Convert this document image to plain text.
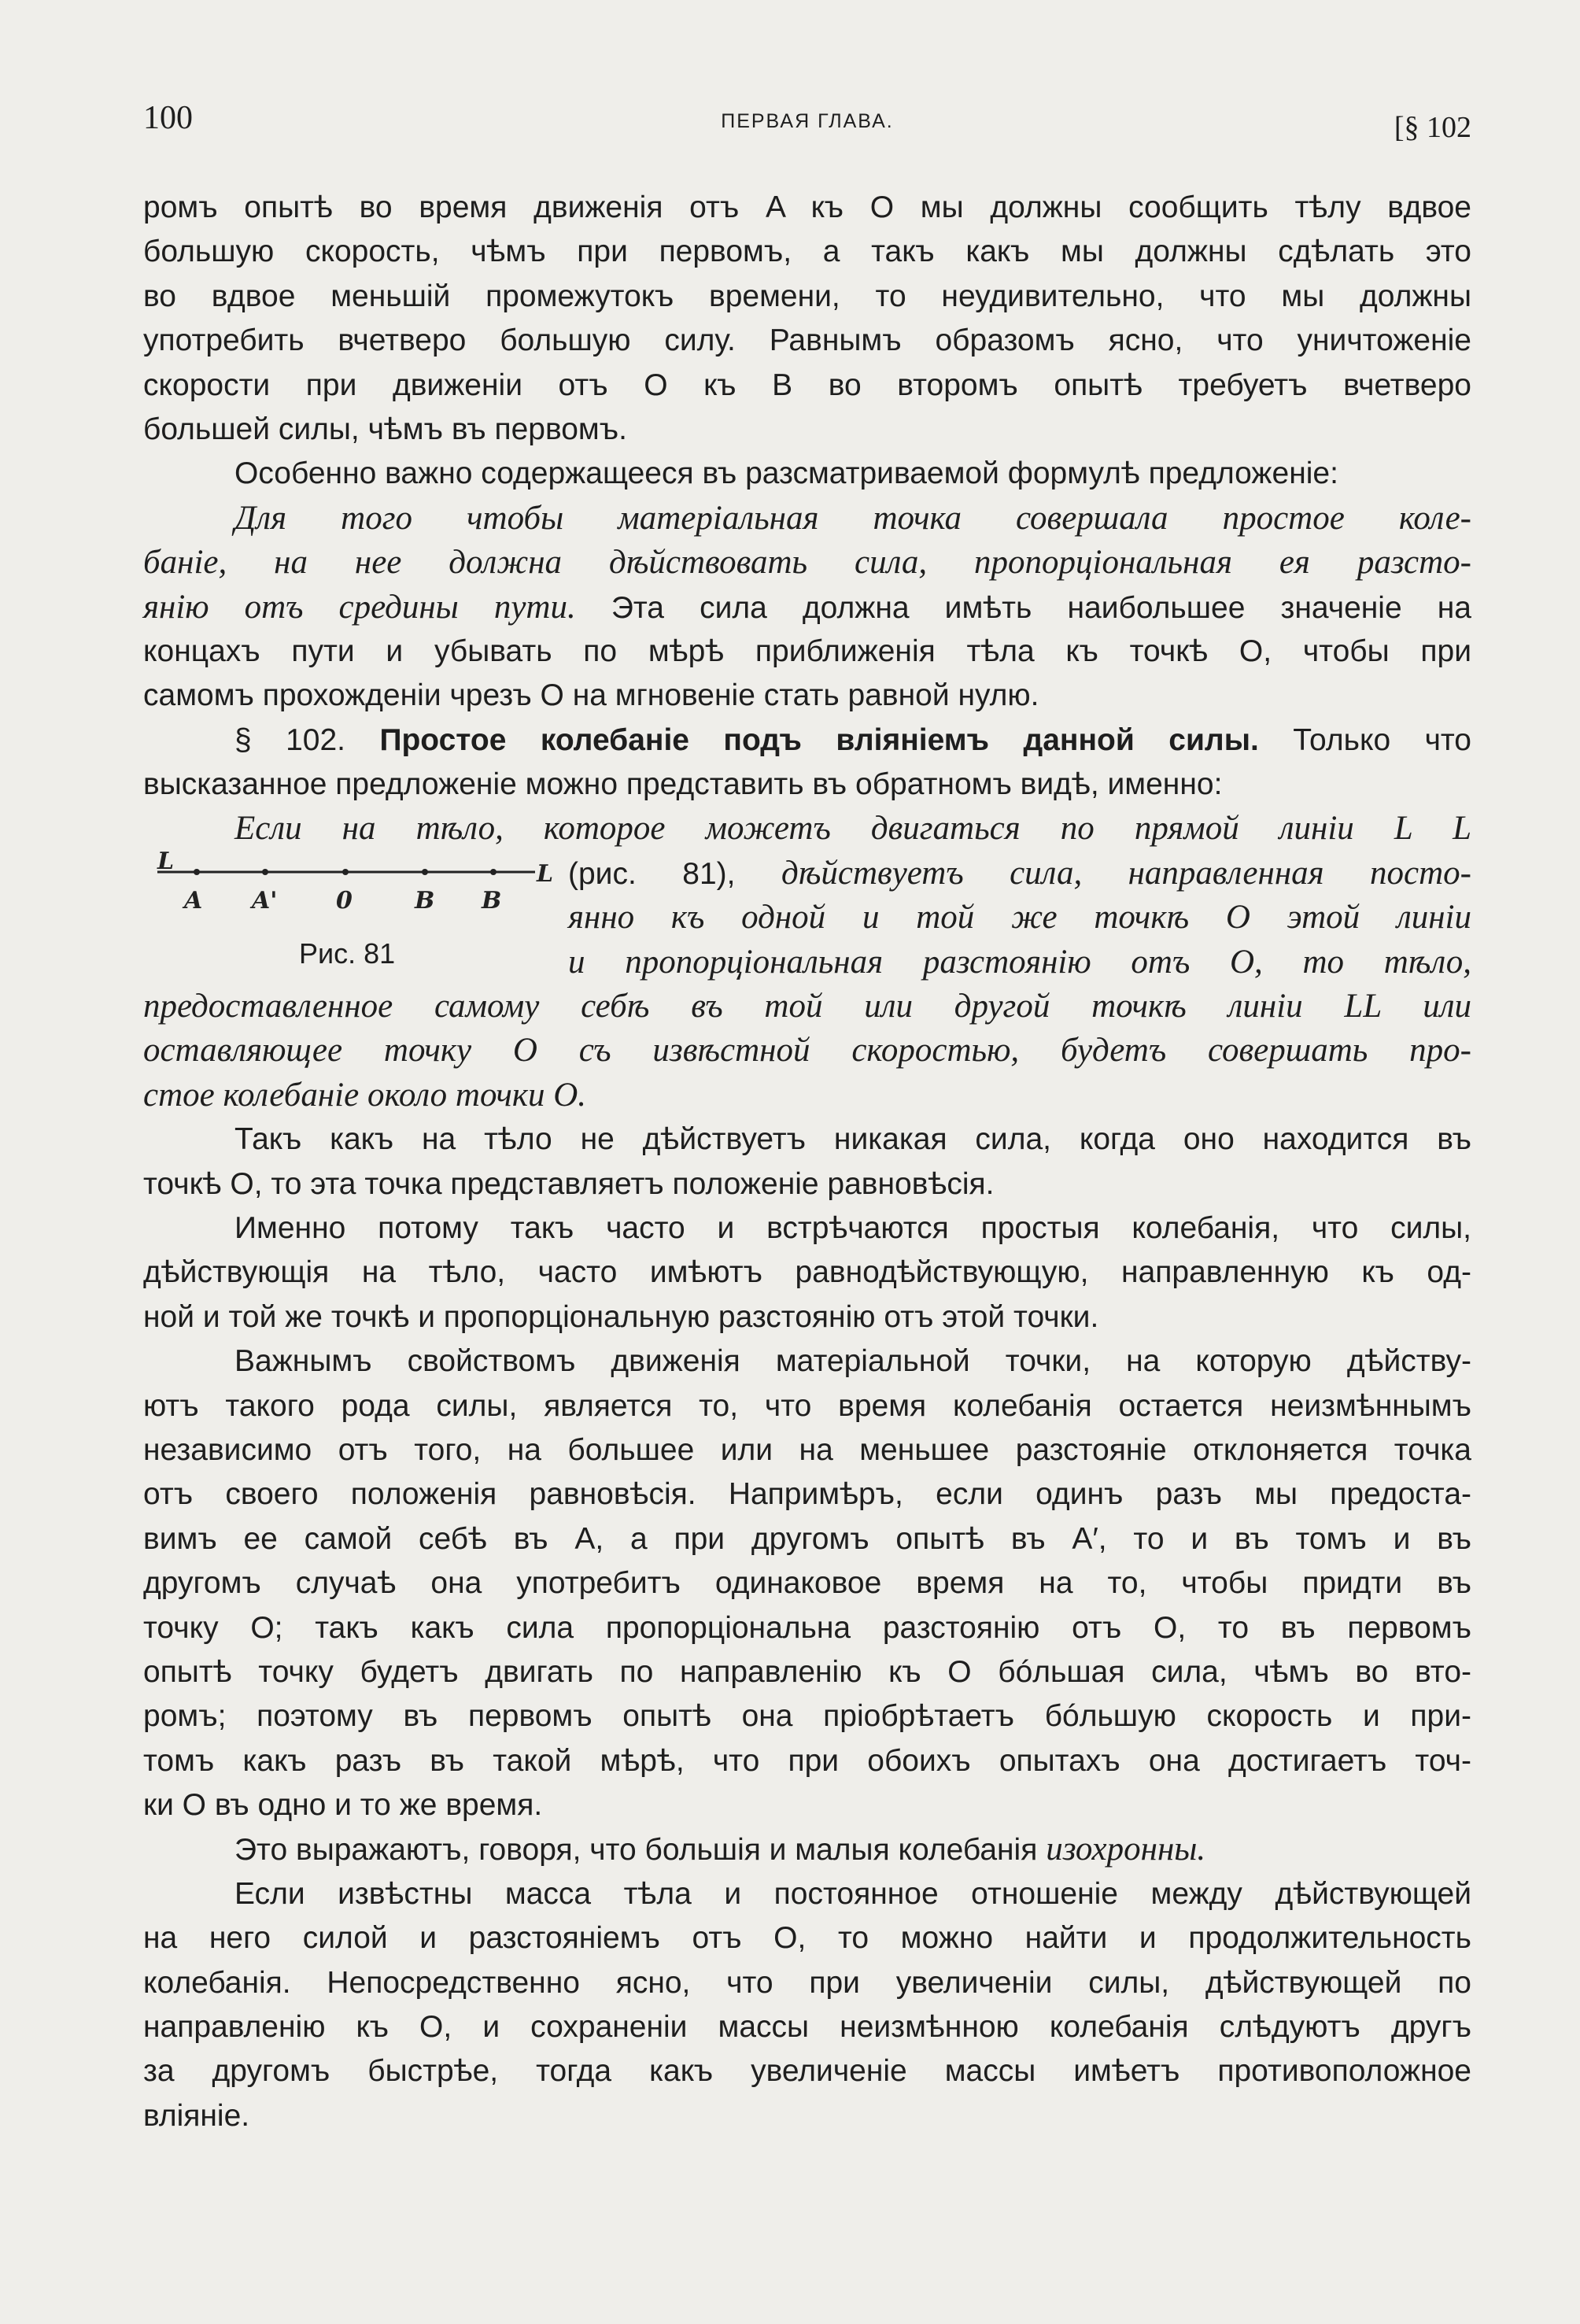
100	ПЕРВАЯ ГЛАВА.	[§ 102
ромъ опытѣ во время движенія отъ A къ O мы должны сообщить тѣлу вдвое
большую скорость, чѣмъ при первомъ, а такъ какъ мы должны сдѣлать это
во вдвое меньшій промежутокъ времени, то неудивительно, что мы должны
употребить вчетверо большую силу. Равнымъ образомъ ясно, что уничтоженіе
скорости при движеніи отъ O къ B во второмъ опытѣ требуетъ вчетверо
большей силы, чѣмъ въ первомъ.
Особенно важно содержащееся въ разсматриваемой формулѣ предложеніе:
Для того чтобы матеріальная точка совершала простое коле-
баніе, на нее должна дѣйствовать сила, пропорціональная ея разсто-
янію отъ средины пути. Эта сила должна имѣть наибольшее значеніе на
концахъ пути и убывать по мѣрѣ приближенія тѣла къ точкѣ O, чтобы при
самомъ прохожденіи чрезъ O на мгновеніе стать равной нулю.
§ 102. Простое колебаніе подъ вліяніемъ данной силы. Только что
высказанное предложеніе можно представить въ обратномъ видѣ, именно:
Если на тѣло, которое можетъ двигаться по прямой линіи L L
L	L
A A' 0	B B
Рис. 81
(рис. 81), дѣйствуетъ сила, направленная посто-
янно къ одной и той же точкѣ O этой линіи
и пропорціональная разстоянію отъ O, то тѣло,
предоставленное самому себѣ въ той или другой точкѣ линіи LL или
оставляющее точку O съ извѣстной скоростью, будетъ совершать про-
стое колебаніе около точки O.
Такъ какъ на тѣло не дѣйствуетъ никакая сила, когда оно находится въ
точкѣ O, то эта точка представляетъ положеніе равновѣсія.
Именно потому такъ часто и встрѣчаются простыя колебанія, что силы,
дѣйствующія на тѣло, часто имѣютъ равнодѣйствующую, направленную къ од-
ной и той же точкѣ и пропорціональную разстоянію отъ этой точки.
Важнымъ свойствомъ движенія матеріальной точки, на которую дѣйству-
ютъ такого рода силы, является то, что время колебанія остается неизмѣннымъ
независимо отъ того, на большее или на меньшее разстояніе отклоняется точка
отъ своего положенія равновѣсія. Напримѣръ, если одинъ разъ мы предоста-
вимъ ее самой себѣ въ A, а при другомъ опытѣ въ A′, то и въ томъ и въ
другомъ случаѣ она употребитъ одинаковое время на то, чтобы придти въ
точку O; такъ какъ сила пропорціональна разстоянію отъ O, то въ первомъ
опытѣ точку будетъ двигать по направленію къ O бóльшая сила, чѣмъ во вто-
ромъ; поэтому въ первомъ опытѣ она пріобрѣтаетъ бóльшую скорость и при-
томъ какъ разъ въ такой мѣрѣ, что при обоихъ опытахъ она достигаетъ точ-
ки O въ одно и то же время.
Это выражаютъ, говоря, что большія и малыя колебанія изохронны.
Если извѣстны масса тѣла и постоянное отношеніе между дѣйствующей
на него силой и разстояніемъ отъ O, то можно найти и продолжительность
колебанія. Непосредственно ясно, что при увеличеніи силы, дѣйствующей по
направленію къ O, и сохраненіи массы неизмѣнною колебанія слѣдуютъ другъ
за другомъ быстрѣе, тогда какъ увеличеніе массы имѣетъ противоположное
вліяніе.
